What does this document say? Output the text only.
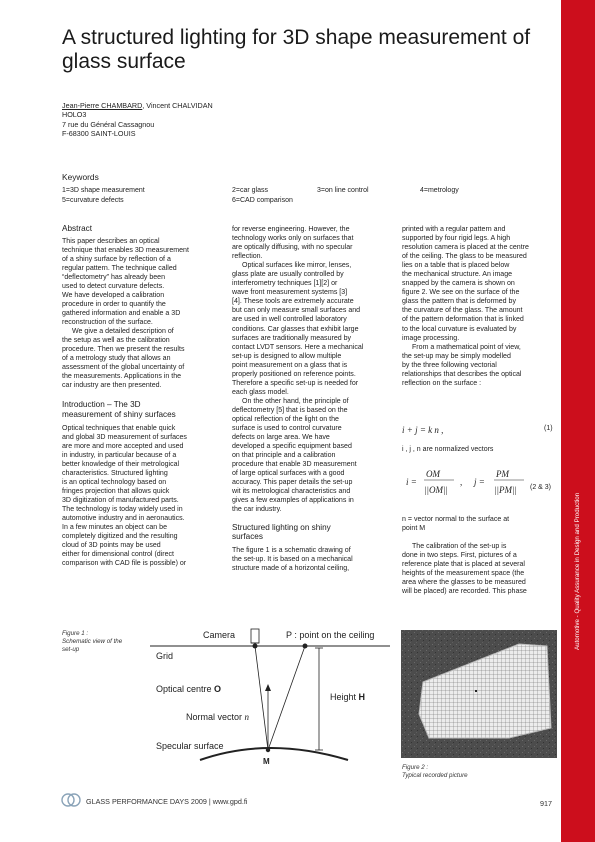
Automotive - Quality Assurance in Design and Production
A structured lighting for 3D shape measurement of glass surface
Jean-Pierre CHAMBARD, Vincent CHALVIDAN
HOLO3
7 rue du Général Cassagnou
F-68300 SAINT-LOUIS
Keywords
1=3D shape measurement	2=car glass	3=on line control	4=metrology
5=curvature defects	6=CAD comparison
Abstract

This paper describes an optical

technique that enables 3D measurement

of a shiny surface by reflection of a

regular pattern. The technique called

“deflectometry” has already been

used to detect curvature defects.

We have developed a calibration

procedure in order to quantify the

gathered information and enable a 3D

reconstruction of the surface.

We give a detailed description of

the setup as well as the calibration

procedure. Then we present the results

of a metrology study that allows an

assessment of the global uncertainty of

the measurements. Applications in the

car industry are then presented.

Introduction – The 3D
measurement of shiny surfaces

Optical techniques that enable quick

and global 3D measurement of surfaces

are more and more accepted and used

in industry, in particular because of a

better knowledge of their metrological

characteristics. Structured lighting

is an optical technology based on

fringes projection that allows quick

3D digitization of manufactured parts.

The technology is today widely used in

automotive industry and in aeronautics.

In a few minutes an object can be

completely digitized and the resulting

cloud of 3D points may be used

either for dimensional control (direct

comparison with CAD file is possible) or

for reverse engineering. However, the

technology works only on surfaces that

are optically diffusing, with no specular

reflection.

Optical surfaces like mirror, lenses,

glass plate are usually controlled by

interferometry techniques [1][2] or

wave front measurement systems [3]

[4]. These tools are extremely accurate

but can only measure small surfaces and

are used in well controlled laboratory

conditions. Car glasses that exhibit large

surfaces are traditionally measured by

contact LVDT sensors. Here a mechanical

set-up is designed to allow multiple

point measurement on a glass that is

properly positioned on reference points.

Therefore a specific set-up is needed for

each glass model.

On the other hand, the principle of

deflectometry [5] that is based on the

optical reflection of the light on the

surface is used to control curvature

defects on large area. We have

developed a specific equipment based

on that principle and a calibration

procedure that enable 3D measurement

of large optical surfaces with a good

accuracy. This paper details the set-up

wit its metrological characteristics and

gives a few examples of applications in

the car industry.

Structured lighting on shiny
surfaces

The figure 1 is a schematic drawing of

the set-up. It is based on a mechanical

structure made of a horizontal ceiling,

printed with a regular pattern and

supported by four rigid legs. A high

resolution camera is placed at the centre

of the ceiling. The glass to be measured

lies on a table that is placed below

the mechanical structure. An image

snapped by the camera is shown on

figure 2. We see on the surface of the

glass the pattern that is deformed by

the curvature of the glass. The amount

of the pattern deformation that is linked

to the local curvature is evaluated by

image processing.

From a mathematical point of view,

the set-up may be simply modelled

by the three following vectorial

relationships that describes the optical

reflection on the surface :

i + j = k n ,	(1)
i , j , n are normalized vectors
i =
OM
||OM||
, j =
PM
||PM|| (2 & 3)

n = vector normal to the surface at

point M

The calibration of the set-up is

done in two steps. First, pictures of a

reference plate that is placed at several

heights of the measurement space (the

area where the glasses to be measured

will be placed) are recorded. This phase

Figure 1 :
Schematic view of the
set-up
Camera	P : point on the ceiling
Grid
Optical centre O
Height H
Normal vector n
Specular surface
M
Figure 2 :
Typical recorded picture
GLASS PERFORMANCE DAYS 2009 | www.gpd.fi	917
